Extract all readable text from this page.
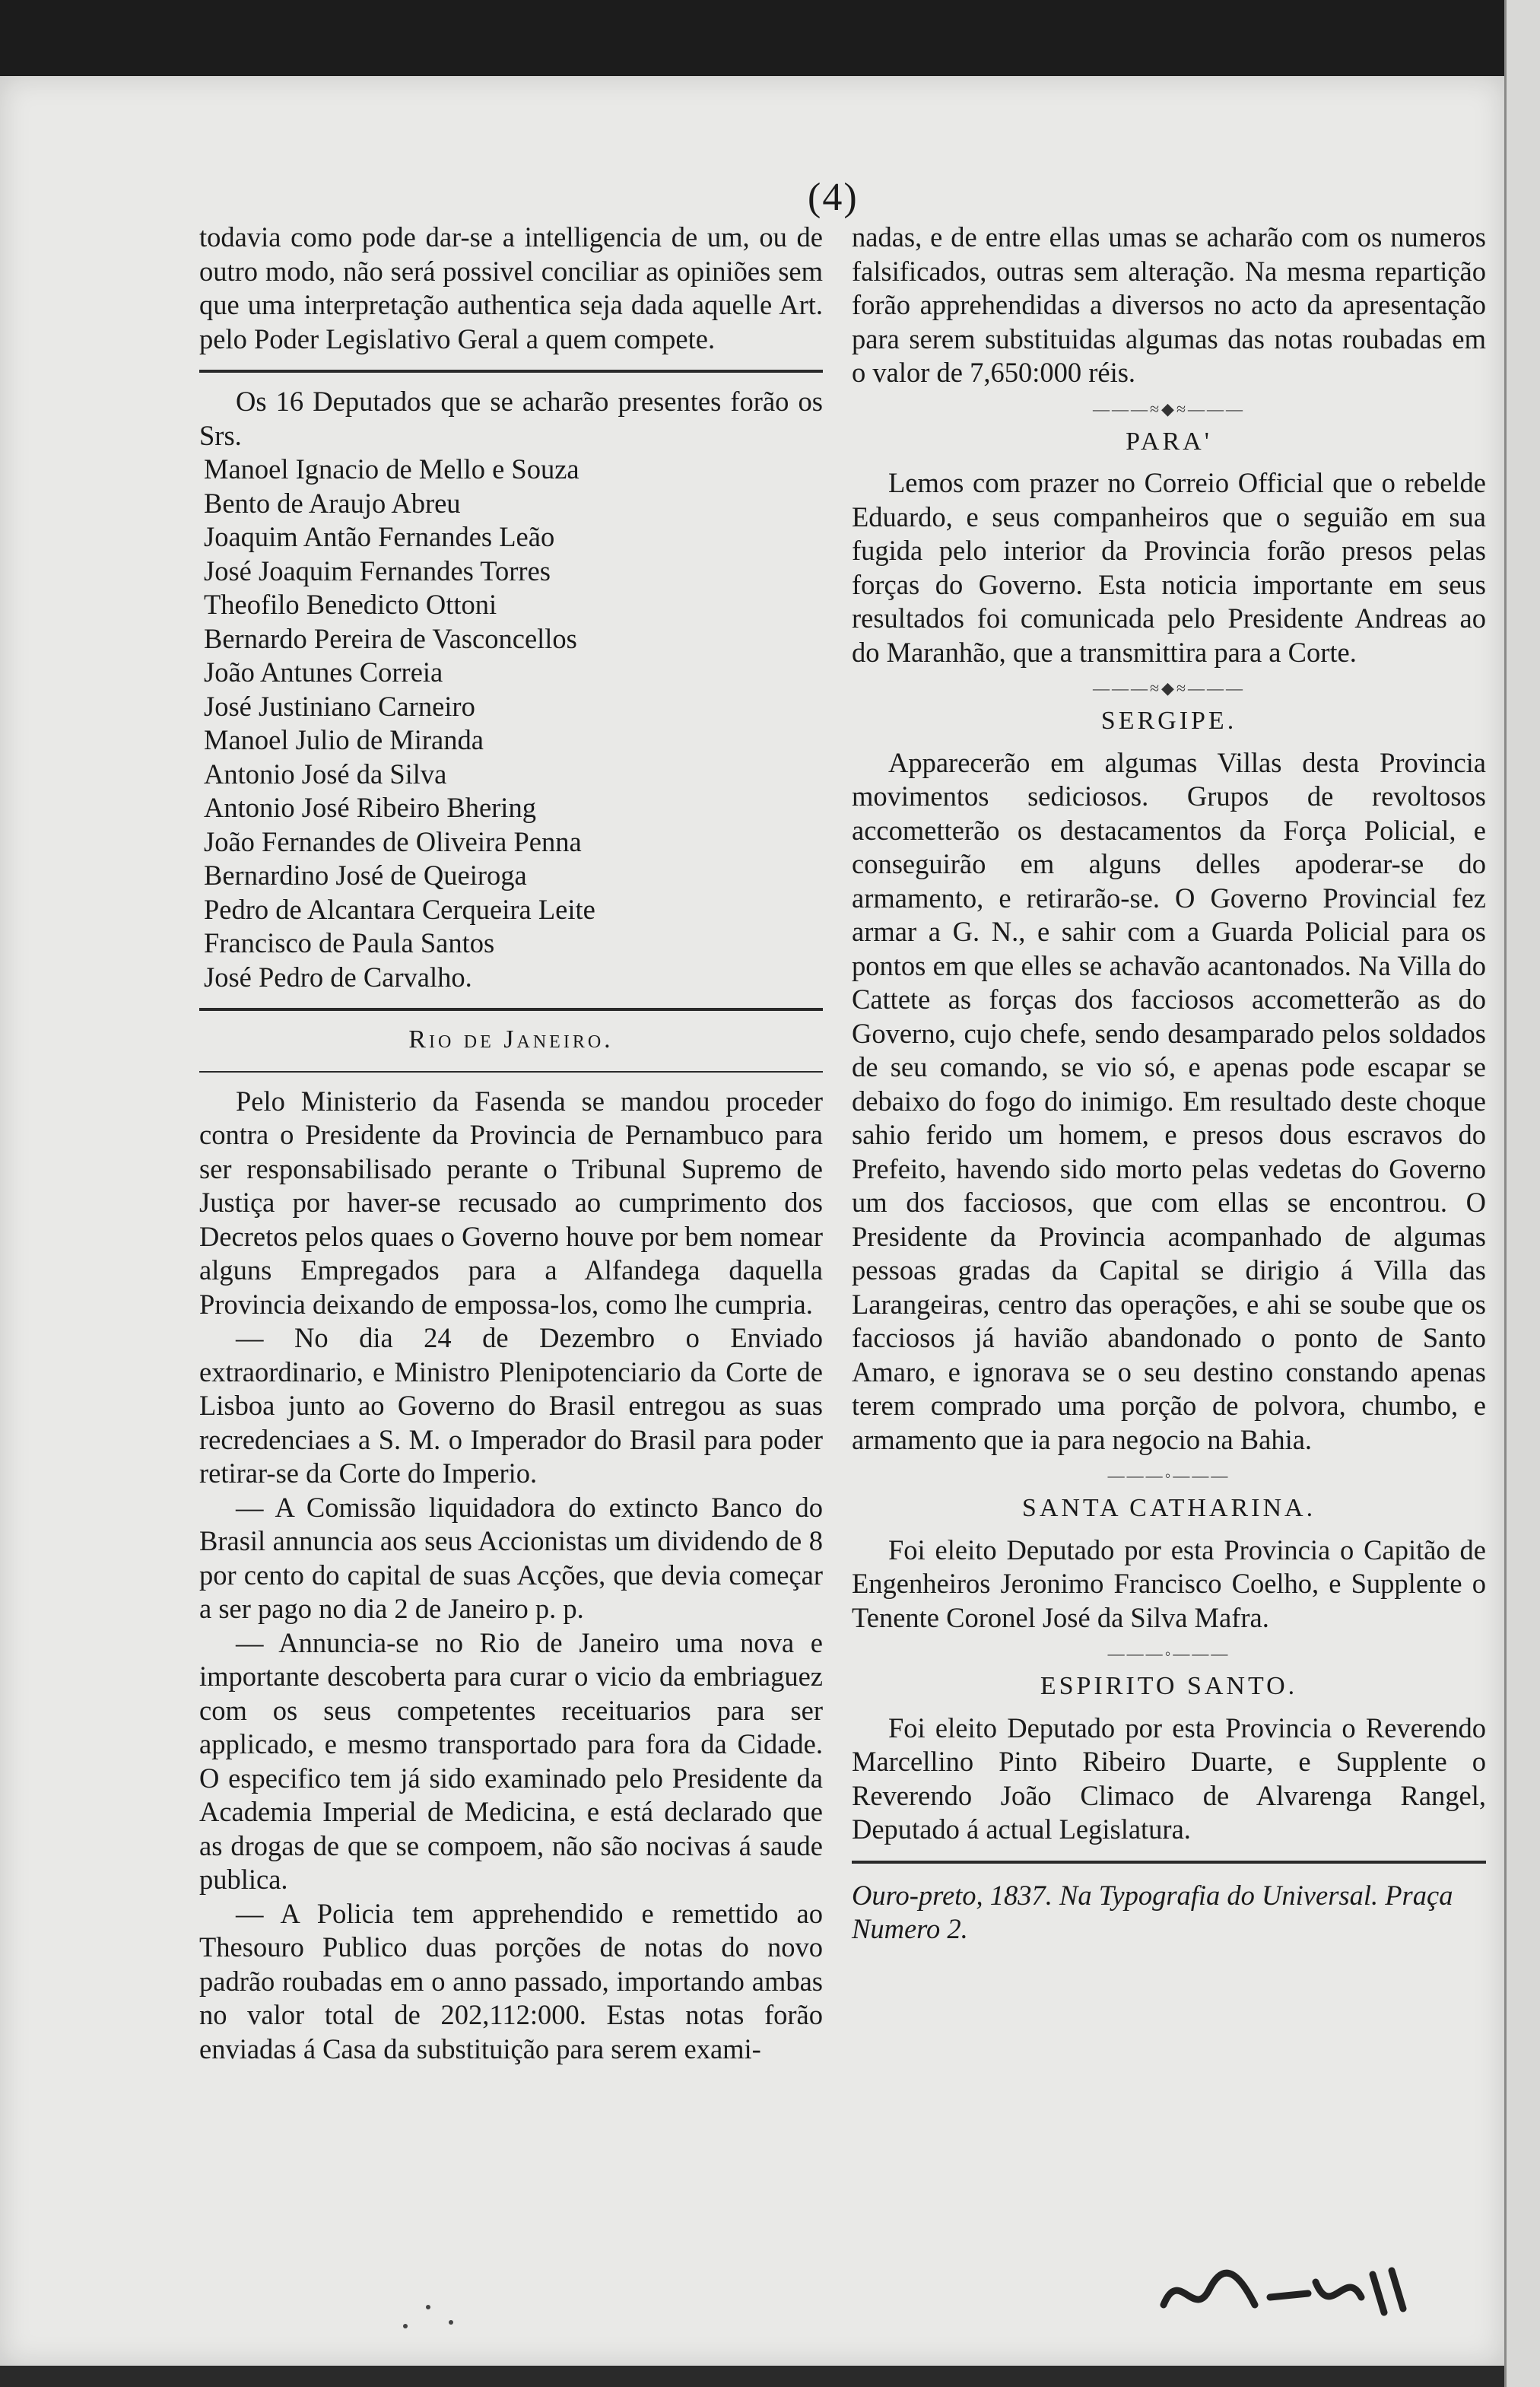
(4)

todavia como pode dar-se a intelligencia de um, ou de outro modo, não será possivel conciliar as opiniões sem que uma interpretação authentica seja dada aquelle Art. pelo Poder Legislativo Geral a quem compete.

Os 16 Deputados que se acharão presentes forão os Srs.

Manoel Ignacio de Mello e Souza
Bento de Araujo Abreu
Joaquim Antão Fernandes Leão
José Joaquim Fernandes Torres
Theofilo Benedicto Ottoni
Bernardo Pereira de Vasconcellos
João Antunes Correia
José Justiniano Carneiro
Manoel Julio de Miranda
Antonio José da Silva
Antonio José Ribeiro Bhering
João Fernandes de Oliveira Penna
Bernardino José de Queiroga
Pedro de Alcantara Cerqueira Leite
Francisco de Paula Santos
José Pedro de Carvalho.
Rio de Janeiro.

Pelo Ministerio da Fasenda se mandou proceder contra o Presidente da Provincia de Pernambuco para ser responsabilisado perante o Tribunal Supremo de Justiça por haver-se recusado ao cumprimento dos Decretos pelos quaes o Governo houve por bem nomear alguns Empregados para a Alfandega daquella Provincia deixando de empossa-los, como lhe cumpria.

— No dia 24 de Dezembro o Enviado extraordinario, e Ministro Plenipotenciario da Corte de Lisboa junto ao Governo do Brasil entregou as suas recredenciaes a S. M. o Imperador do Brasil para poder retirar-se da Corte do Imperio.

— A Comissão liquidadora do extincto Banco do Brasil annuncia aos seus Accionistas um dividendo de 8 por cento do capital de suas Acções, que devia começar a ser pago no dia 2 de Janeiro p. p.

— Annuncia-se no Rio de Janeiro uma nova e importante descoberta para curar o vicio da embriaguez com os seus competentes receituarios para ser applicado, e mesmo transportado para fora da Cidade. O especifico tem já sido examinado pelo Presidente da Academia Imperial de Medicina, e está declarado que as drogas de que se compoem, não são nocivas á saude publica.

— A Policia tem apprehendido e remettido ao Thesouro Publico duas porções de notas do novo padrão roubadas em o anno passado, importando ambas no valor total de 202,112:000. Estas notas forão enviadas á Casa da substituição para serem exami-

nadas, e de entre ellas umas se acharão com os numeros falsificados, outras sem alteração. Na mesma repartição forão apprehendidas a diversos no acto da apresentação para serem substituidas algumas das notas roubadas em o valor de 7,650:000 réis.

———≈◆≈———
PARA'

Lemos com prazer no Correio Official que o rebelde Eduardo, e seus companheiros que o seguião em sua fugida pelo interior da Provincia forão presos pelas forças do Governo. Esta noticia importante em seus resultados foi comunicada pelo Presidente Andreas ao do Maranhão, que a transmittira para a Corte.

———≈◆≈———
SERGIPE.

Apparecerão em algumas Villas desta Provincia movimentos sediciosos. Grupos de revoltosos accometterão os destacamentos da Força Policial, e conseguirão em alguns delles apoderar-se do armamento, e retirarão-se. O Governo Provincial fez armar a G. N., e sahir com a Guarda Policial para os pontos em que elles se achavão acantonados. Na Villa do Cattete as forças dos facciosos accometterão as do Governo, cujo chefe, sendo desamparado pelos soldados de seu comando, se vio só, e apenas pode escapar se debaixo do fogo do inimigo. Em resultado deste choque sahio ferido um homem, e presos dous escravos do Prefeito, havendo sido morto pelas vedetas do Governo um dos facciosos, que com ellas se encontrou. O Presidente da Provincia acompanhado de algumas pessoas gradas da Capital se dirigio á Villa das Larangeiras, centro das operações, e ahi se soube que os facciosos já havião abandonado o ponto de Santo Amaro, e ignorava se o seu destino constando apenas terem comprado uma porção de polvora, chumbo, e armamento que ia para negocio na Bahia.

———◦———
SANTA CATHARINA.

Foi eleito Deputado por esta Provincia o Capitão de Engenheiros Jeronimo Francisco Coelho, e Supplente o Tenente Coronel José da Silva Mafra.

———◦———
ESPIRITO SANTO.

Foi eleito Deputado por esta Provincia o Reverendo Marcellino Pinto Ribeiro Duarte, e Supplente o Reverendo João Climaco de Alvarenga Rangel, Deputado á actual Legislatura.

Ouro-preto, 1837. Na Typografia do Universal. Praça Numero 2.
